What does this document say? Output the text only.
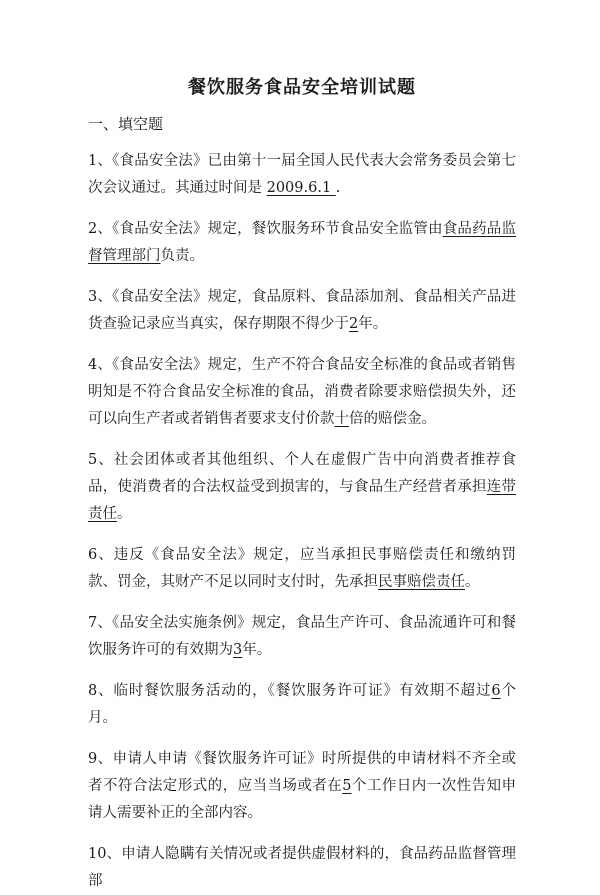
餐饮服务食品安全培训试题
一、填空题

1、《食品安全法》已由第十一届全国人民代表大会常务委员会第七次会议通过。其通过时间是 2009.6.1 .

2、《食品安全法》规定，餐饮服务环节食品安全监管由食品药品监督管理部门负责。

3、《食品安全法》规定，食品原料、食品添加剂、食品相关产品进货查验记录应当真实，保存期限不得少于2年。

4、《食品安全法》规定，生产不符合食品安全标准的食品或者销售明知是不符合食品安全标准的食品，消费者除要求赔偿损失外，还可以向生产者或者销售者要求支付价款十倍的赔偿金。

5、社会团体或者其他组织、个人在虚假广告中向消费者推荐食品，使消费者的合法权益受到损害的，与食品生产经营者承担连带责任。

6、违反《食品安全法》规定，应当承担民事赔偿责任和缴纳罚款、罚金，其财产不足以同时支付时，先承担民事赔偿责任。

7、《品安全法实施条例》规定，食品生产许可、食品流通许可和餐饮服务许可的有效期为3年。

8、临时餐饮服务活动的，《餐饮服务许可证》有效期不超过6个月。

9、申请人申请《餐饮服务许可证》时所提供的申请材料不齐全或者不符合法定形式的，应当当场或者在5个工作日内一次性告知申请人需要补正的全部内容。

10、申请人隐瞒有关情况或者提供虚假材料的，食品药品监督管理部
